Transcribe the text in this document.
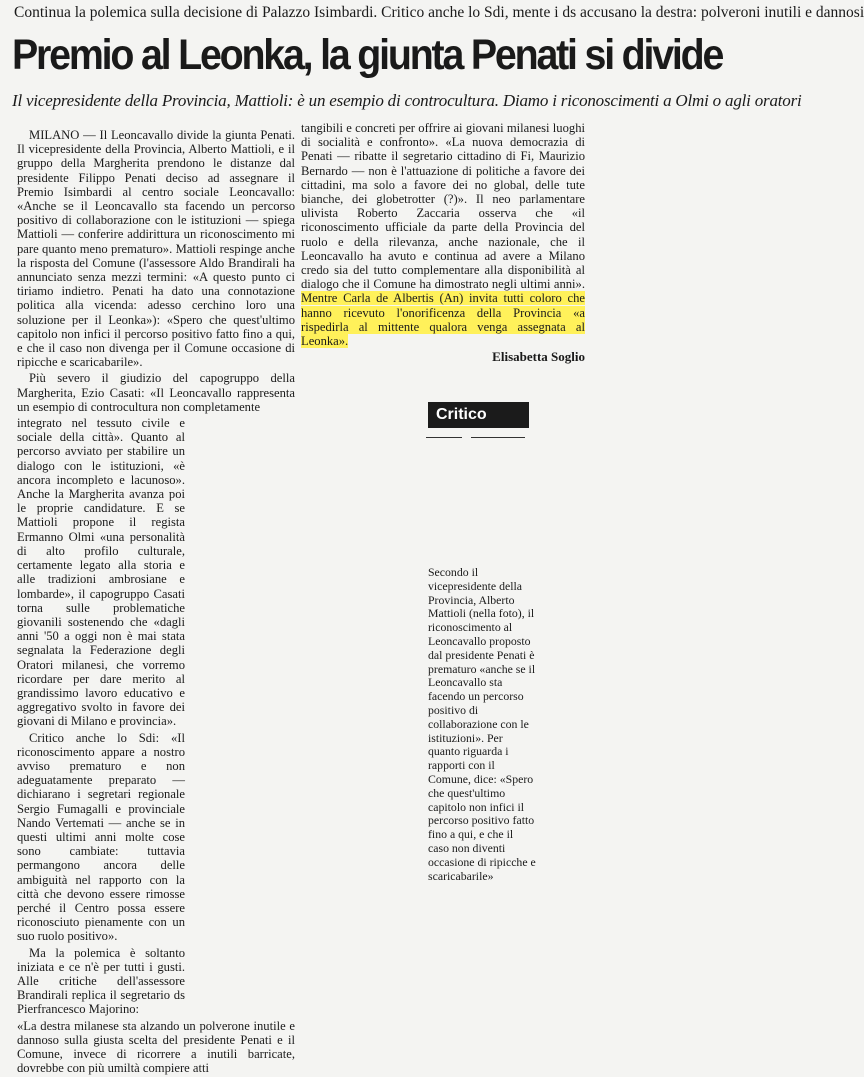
Continua la polemica sulla decisione di Palazzo Isimbardi. Critico anche lo Sdi, mente i ds accusano la destra: polveroni inutili e dannosi
Premio al Leonka, la giunta Penati si divide
Il vicepresidente della Provincia, Mattioli: è un esempio di controcultura. Diamo i riconoscimenti a Olmi o agli oratori

MILANO — Il Leoncavallo divide la giunta Penati. Il vicepresidente della Provincia, Alberto Mattioli, e il gruppo della Margherita prendono le distanze dal presidente Filippo Penati deciso ad assegnare il Premio Isimbardi al centro sociale Leoncavallo: «Anche se il Leoncavallo sta facendo un percorso positivo di collaborazione con le istituzioni — spiega Mattioli — conferire addirittura un riconoscimento mi pare quanto meno prematuro». Mattioli respinge anche la risposta del Comune (l'assessore Aldo Brandirali ha annunciato senza mezzi termini: «A questo punto ci tiriamo indietro. Penati ha dato una connotazione politica alla vicenda: adesso cerchino loro una soluzione per il Leonka»): «Spero che quest'ultimo capitolo non infici il percorso positivo fatto fino a qui, e che il caso non divenga per il Comune occasione di ripicche e scaricabarile».

Più severo il giudizio del capogruppo della Margherita, Ezio Casati: «Il Leoncavallo rappresenta un esempio di controcultura non completamente

integrato nel tessuto civile e sociale della città». Quanto al percorso avviato per stabilire un dialogo con le istituzioni, «è ancora incompleto e lacunoso». Anche la Margherita avanza poi le proprie candidature. E se Mattioli propone il regista Ermanno Olmi «una personalità di alto profilo culturale, certamente legato alla storia e alle tradizioni ambrosiane e lombarde», il capogruppo Casati torna sulle problematiche giovanili sostenendo che «dagli anni '50 a oggi non è mai stata segnalata la Federazione degli Oratori milanesi, che vorremo ricordare per dare merito al grandissimo lavoro educativo e aggregativo svolto in favore dei giovani di Milano e provincia».

Critico anche lo Sdi: «Il riconoscimento appare a nostro avviso prematuro e non adeguatamente preparato — dichiarano i segretari regionale Sergio Fumagalli e provinciale Nando Vertemati — anche se in questi ultimi anni molte cose sono cambiate: tuttavia permangono ancora delle ambiguità nel rapporto con la città che devono essere rimosse perché il Centro possa essere riconosciuto pienamente con un suo ruolo positivo».

Ma la polemica è soltanto iniziata e ce n'è per tutti i gusti. Alle critiche dell'assessore Brandirali replica il segretario ds Pierfrancesco Majorino:

«La destra milanese sta alzando un polverone inutile e dannoso sulla giusta scelta del presidente Penati e il Comune, invece di ricorrere a inutili barricate, dovrebbe con più umiltà compiere atti

tangibili e concreti per offrire ai giovani milanesi luoghi di socialità e confronto». «La nuova democrazia di Penati — ribatte il segretario cittadino di Fi, Maurizio Bernardo — non è l'attuazione di politiche a favore dei cittadini, ma solo a favore dei no global, delle tute bianche, dei globetrotter (?)». Il neo parlamentare ulivista Roberto Zaccaria osserva che «il riconoscimento ufficiale da parte della Provincia del ruolo e della rilevanza, anche nazionale, che il Leoncavallo ha avuto e continua ad avere a Milano credo sia del tutto complementare alla disponibilità al dialogo che il Comune ha dimostrato negli ultimi anni».

Mentre Carla de Albertis (An) invita tutti coloro che hanno ricevuto l'onorificenza della Provincia «a rispedirla al mittente qualora venga assegnata al Leonka».
Elisabetta Soglio
Critico

Secondo il vicepresidente della Provincia, Alberto Mattioli (nella foto), il riconoscimento al Leoncavallo proposto dal presidente Penati è prematuro «anche se il Leoncavallo sta facendo un percorso positivo di collaborazione con le istituzioni». Per quanto riguarda i rapporti con il Comune, dice: «Spero che quest'ultimo capitolo non infici il percorso positivo fatto fino a qui, e che il caso non diventi occasione di ripicche e scaricabarile»
